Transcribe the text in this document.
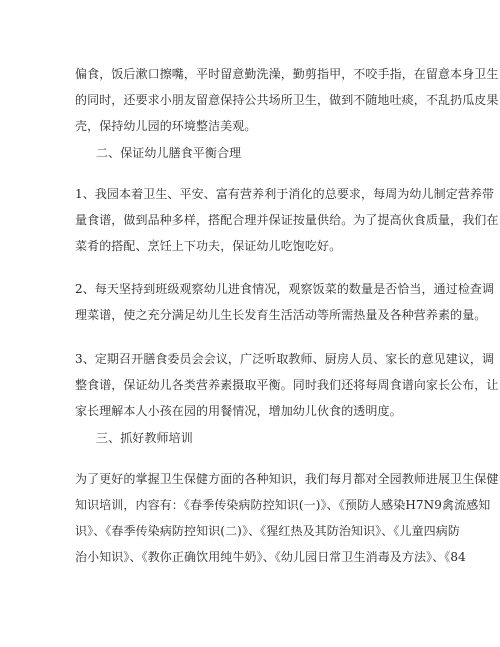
偏食，饭后漱口擦嘴，平时留意勤洗澡，勤剪指甲，不咬手指，在留意本身卫生
的同时，还要求小朋友留意保持公共场所卫生，做到不随地吐痰，不乱扔瓜皮果
壳，保持幼儿园的环境整洁美观。
二、保证幼儿膳食平衡合理
1、我园本着卫生、平安、富有营养利于消化的总要求，每周为幼儿制定营养带
量食谱，做到品种多样，搭配合理并保证按量供给。为了提高伙食质量，我们在
菜肴的搭配、烹饪上下功夫，保证幼儿吃饱吃好。
2、每天坚持到班级观察幼儿进食情况，观察饭菜的数量是否恰当，通过检查调
理菜谱，使之充分满足幼儿生长发育生活活动等所需热量及各种营养素的量。
3、定期召开膳食委员会会议，广泛听取教师、厨房人员、家长的意见建议，调
整食谱，保证幼儿各类营养素摄取平衡。同时我们还将每周食谱向家长公布，让
家长理解本人小孩在园的用餐情况，增加幼儿伙食的透明度。
三、抓好教师培训
为了更好的掌握卫生保健方面的各种知识，我们每月都对全园教师进展卫生保健
知识培训，内容有：《春季传染病防控知识(一)》、《预防人感染H7N9禽流感知
识》、《春季传染病防控知识(二)》、《猩红热及其防治知识》、《儿童四病防
治小知识》、《教你正确饮用纯牛奶》、《幼儿园日常卫生消毒及方法》、《84
